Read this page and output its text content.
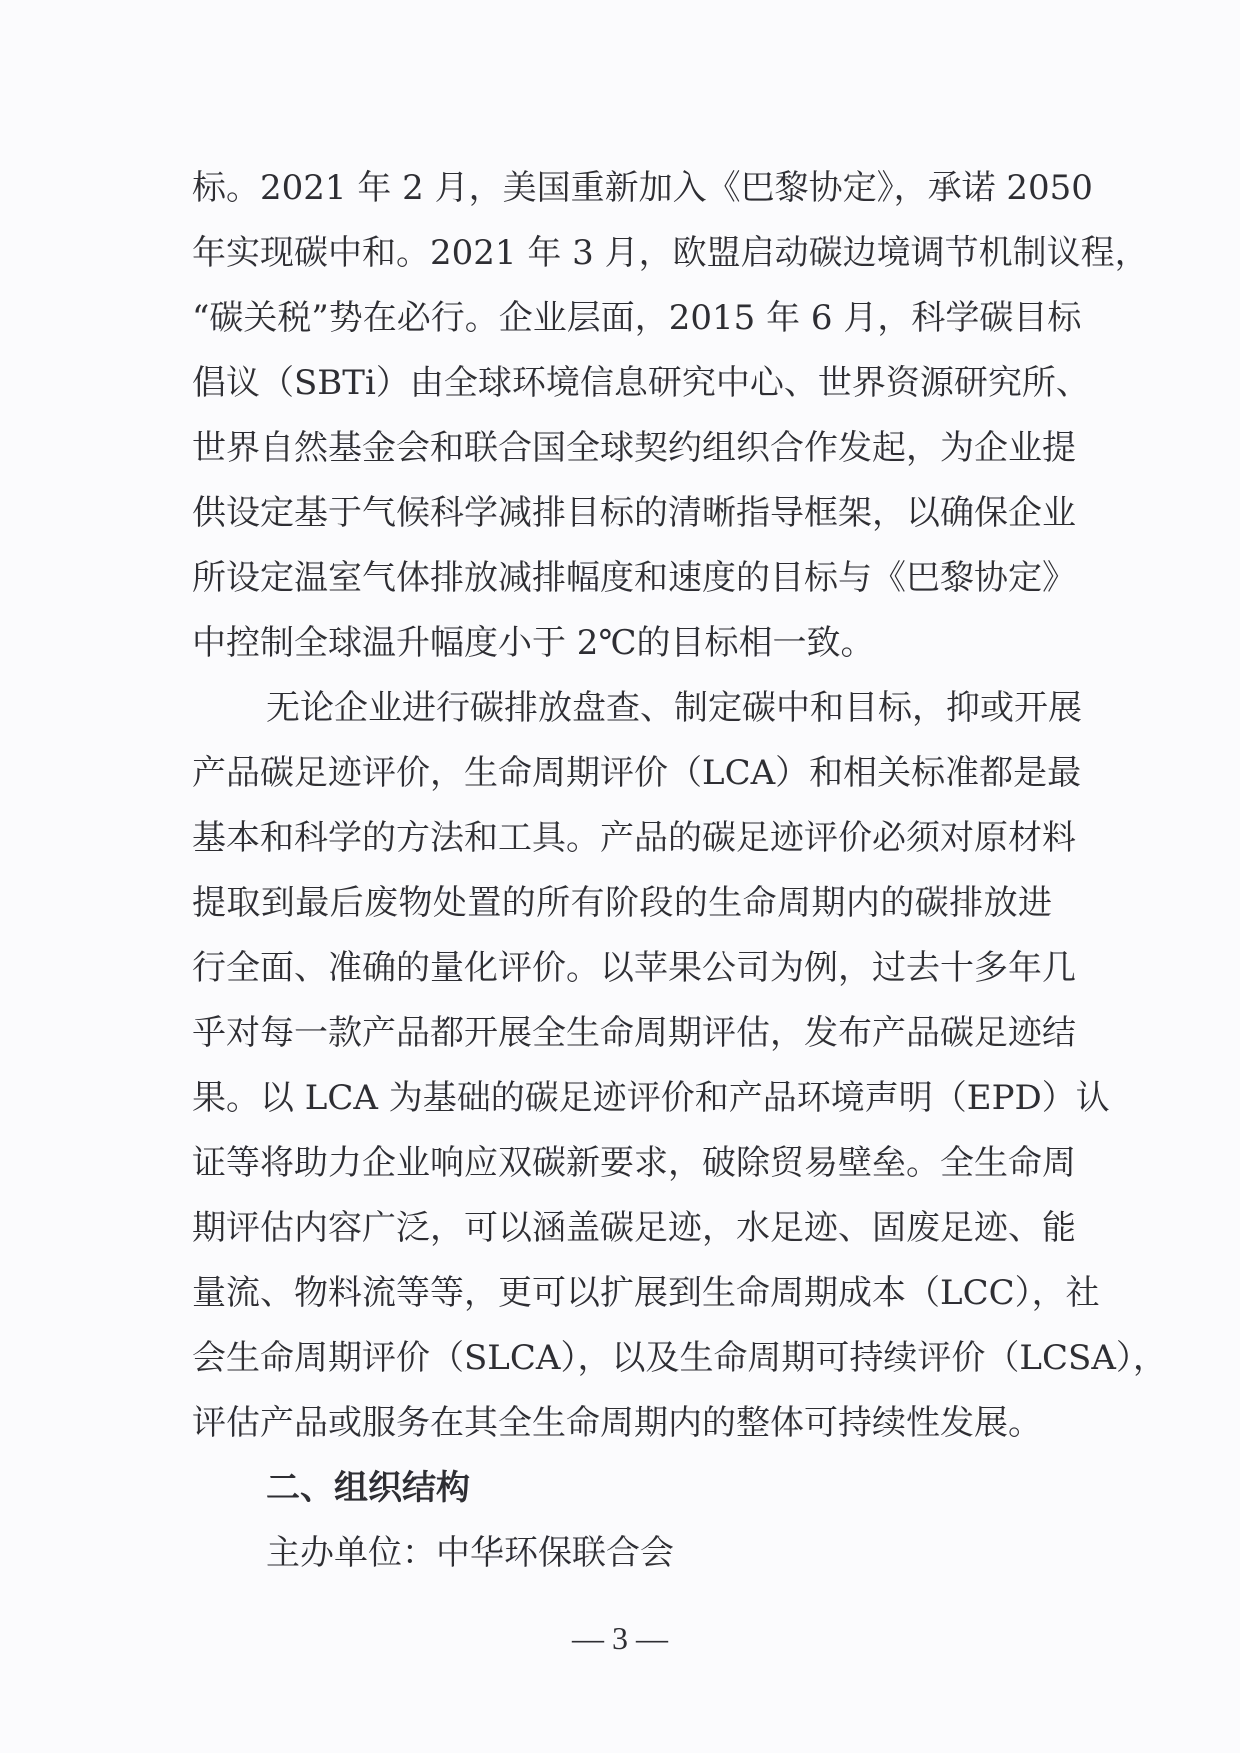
标。2021 年 2 月，美国重新加入《巴黎协定》，承诺 2050
年实现碳中和。2021 年 3 月，欧盟启动碳边境调节机制议程，
“碳关税”势在必行。企业层面，2015 年 6 月，科学碳目标
倡议（SBTi）由全球环境信息研究中心、世界资源研究所、
世界自然基金会和联合国全球契约组织合作发起，为企业提
供设定基于气候科学减排目标的清晰指导框架，以确保企业
所设定温室气体排放减排幅度和速度的目标与《巴黎协定》
中控制全球温升幅度小于 2℃的目标相一致。
无论企业进行碳排放盘查、制定碳中和目标，抑或开展
产品碳足迹评价，生命周期评价（LCA）和相关标准都是最
基本和科学的方法和工具。产品的碳足迹评价必须对原材料
提取到最后废物处置的所有阶段的生命周期内的碳排放进
行全面、准确的量化评价。以苹果公司为例，过去十多年几
乎对每一款产品都开展全生命周期评估，发布产品碳足迹结
果。以 LCA 为基础的碳足迹评价和产品环境声明（EPD）认
证等将助力企业响应双碳新要求，破除贸易壁垒。全生命周
期评估内容广泛，可以涵盖碳足迹，水足迹、固废足迹、能
量流、物料流等等，更可以扩展到生命周期成本（LCC），社
会生命周期评价（SLCA），以及生命周期可持续评价（LCSA），
评估产品或服务在其全生命周期内的整体可持续性发展。
二、组织结构
主办单位：中华环保联合会
— 3 —
